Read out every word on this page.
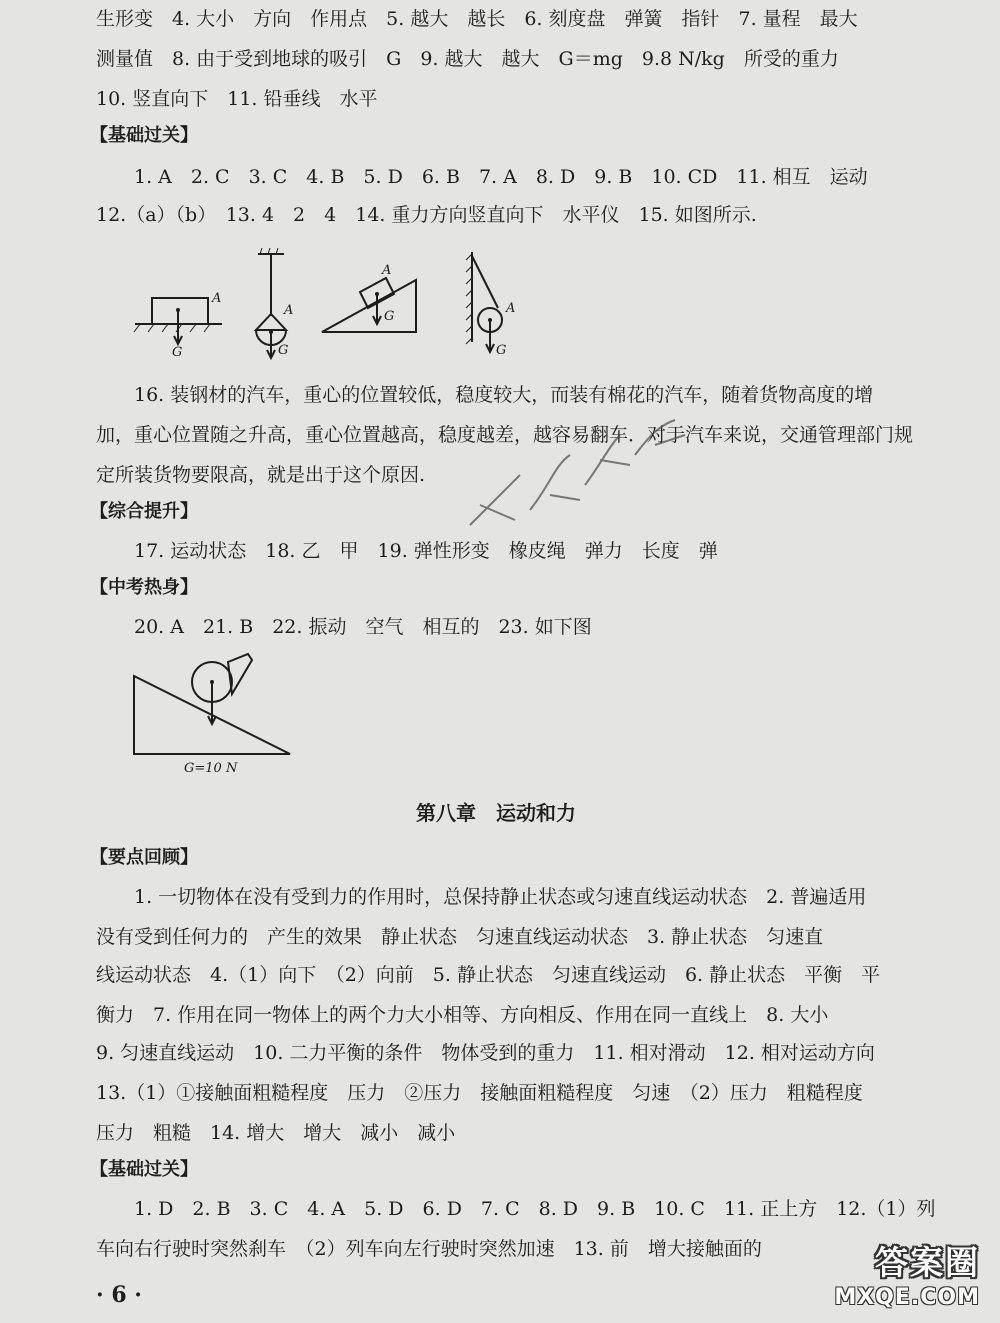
生形变　4. 大小　方向　作用点　5. 越大　越长　6. 刻度盘　弹簧　指针　7. 量程　最大
测量值　8. 由于受到地球的吸引　G　9. 越大　越大　G＝mg　9.8 N/kg　所受的重力
10. 竖直向下　11. 铅垂线　水平
【基础过关】
1. A　2. C　3. C　4. B　5. D　6. B　7. A　8. D　9. B　10. CD　11. 相互　运动
12.（a）（b）　13. 4　2　4　14. 重力方向竖直向下　水平仪　15. 如图所示.
A
G
A
G
A
G
A
G
16. 装钢材的汽车，重心的位置较低，稳度较大，而装有棉花的汽车，随着货物高度的增
加，重心位置随之升高，重心位置越高，稳度越差，越容易翻车．对于汽车来说，交通管理部门规
定所装货物要限高，就是出于这个原因.
【综合提升】
17. 运动状态　18. 乙　甲　19. 弹性形变　橡皮绳　弹力　长度　弹
【中考热身】
20. A　21. B　22. 振动　空气　相互的　23. 如下图
G=10 N
第八章　运动和力
【要点回顾】
1. 一切物体在没有受到力的作用时，总保持静止状态或匀速直线运动状态　2. 普遍适用
没有受到任何力的　产生的效果　静止状态　匀速直线运动状态　3. 静止状态　匀速直
线运动状态　4.（1）向下　（2）向前　5. 静止状态　匀速直线运动　6. 静止状态　平衡　平
衡力　7. 作用在同一物体上的两个力大小相等、方向相反、作用在同一直线上　8. 大小
9. 匀速直线运动　10. 二力平衡的条件　物体受到的重力　11. 相对滑动　12. 相对运动方向
13.（1）①接触面粗糙程度　压力　②压力　接触面粗糙程度　匀速　（2）压力　粗糙程度
压力　粗糙　14. 增大　增大　减小　减小
【基础过关】
1. D　2. B　3. C　4. A　5. D　6. D　7. C　8. D　9. B　10. C　11. 正上方　12.（1）列
车向右行驶时突然刹车　（2）列车向左行驶时突然加速　13. 前　增大接触面的
· 6 ·
答案圈
MXQE.COM
